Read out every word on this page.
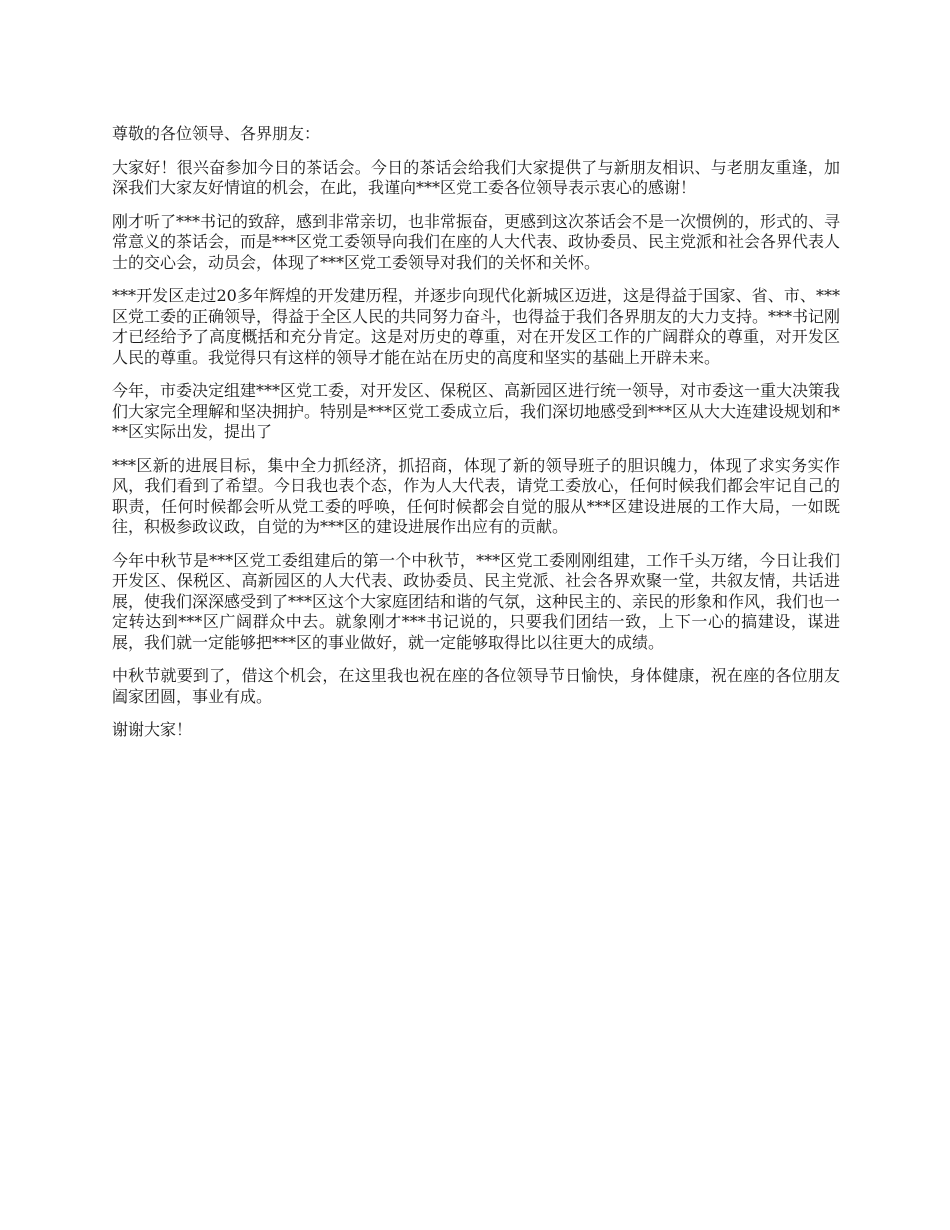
尊敬的各位领导、各界朋友：

大家好！很兴奋参加今日的茶话会。今日的茶话会给我们大家提供了与新朋友相识、与老朋友重逢，加深我们大家友好情谊的机会，在此，我谨向***区党工委各位领导表示衷心的感谢！

刚才听了***书记的致辞，感到非常亲切，也非常振奋，更感到这次茶话会不是一次惯例的，形式的、寻常意义的茶话会，而是***区党工委领导向我们在座的人大代表、政协委员、民主党派和社会各界代表人士的交心会，动员会，体现了***区党工委领导对我们的关怀和关怀。

***开发区走过20多年辉煌的开发建历程，并逐步向现代化新城区迈进，这是得益于国家、省、市、***区党工委的正确领导，得益于全区人民的共同努力奋斗，也得益于我们各界朋友的大力支持。***书记刚才已经给予了高度概括和充分肯定。这是对历史的尊重，对在开发区工作的广阔群众的尊重，对开发区人民的尊重。我觉得只有这样的领导才能在站在历史的高度和坚实的基础上开辟未来。

今年，市委决定组建***区党工委，对开发区、保税区、高新园区进行统一领导，对市委这一重大决策我们大家完全理解和坚决拥护。特别是***区党工委成立后，我们深切地感受到***区从大大连建设规划和***区实际出发，提出了

***区新的进展目标，集中全力抓经济，抓招商，体现了新的领导班子的胆识魄力，体现了求实务实作风，我们看到了希望。今日我也表个态，作为人大代表，请党工委放心，任何时候我们都会牢记自己的职责，任何时候都会听从党工委的呼唤，任何时候都会自觉的服从***区建设进展的工作大局，一如既往，积极参政议政，自觉的为***区的建设进展作出应有的贡献。

今年中秋节是***区党工委组建后的第一个中秋节，***区党工委刚刚组建，工作千头万绪，今日让我们开发区、保税区、高新园区的人大代表、政协委员、民主党派、社会各界欢聚一堂，共叙友情，共话进展，使我们深深感受到了***区这个大家庭团结和谐的气氛，这种民主的、亲民的形象和作风，我们也一定转达到***区广阔群众中去。就象刚才***书记说的，只要我们团结一致，上下一心的搞建设，谋进展，我们就一定能够把***区的事业做好，就一定能够取得比以往更大的成绩。

中秋节就要到了，借这个机会，在这里我也祝在座的各位领导节日愉快，身体健康，祝在座的各位朋友阖家团圆，事业有成。

谢谢大家！
